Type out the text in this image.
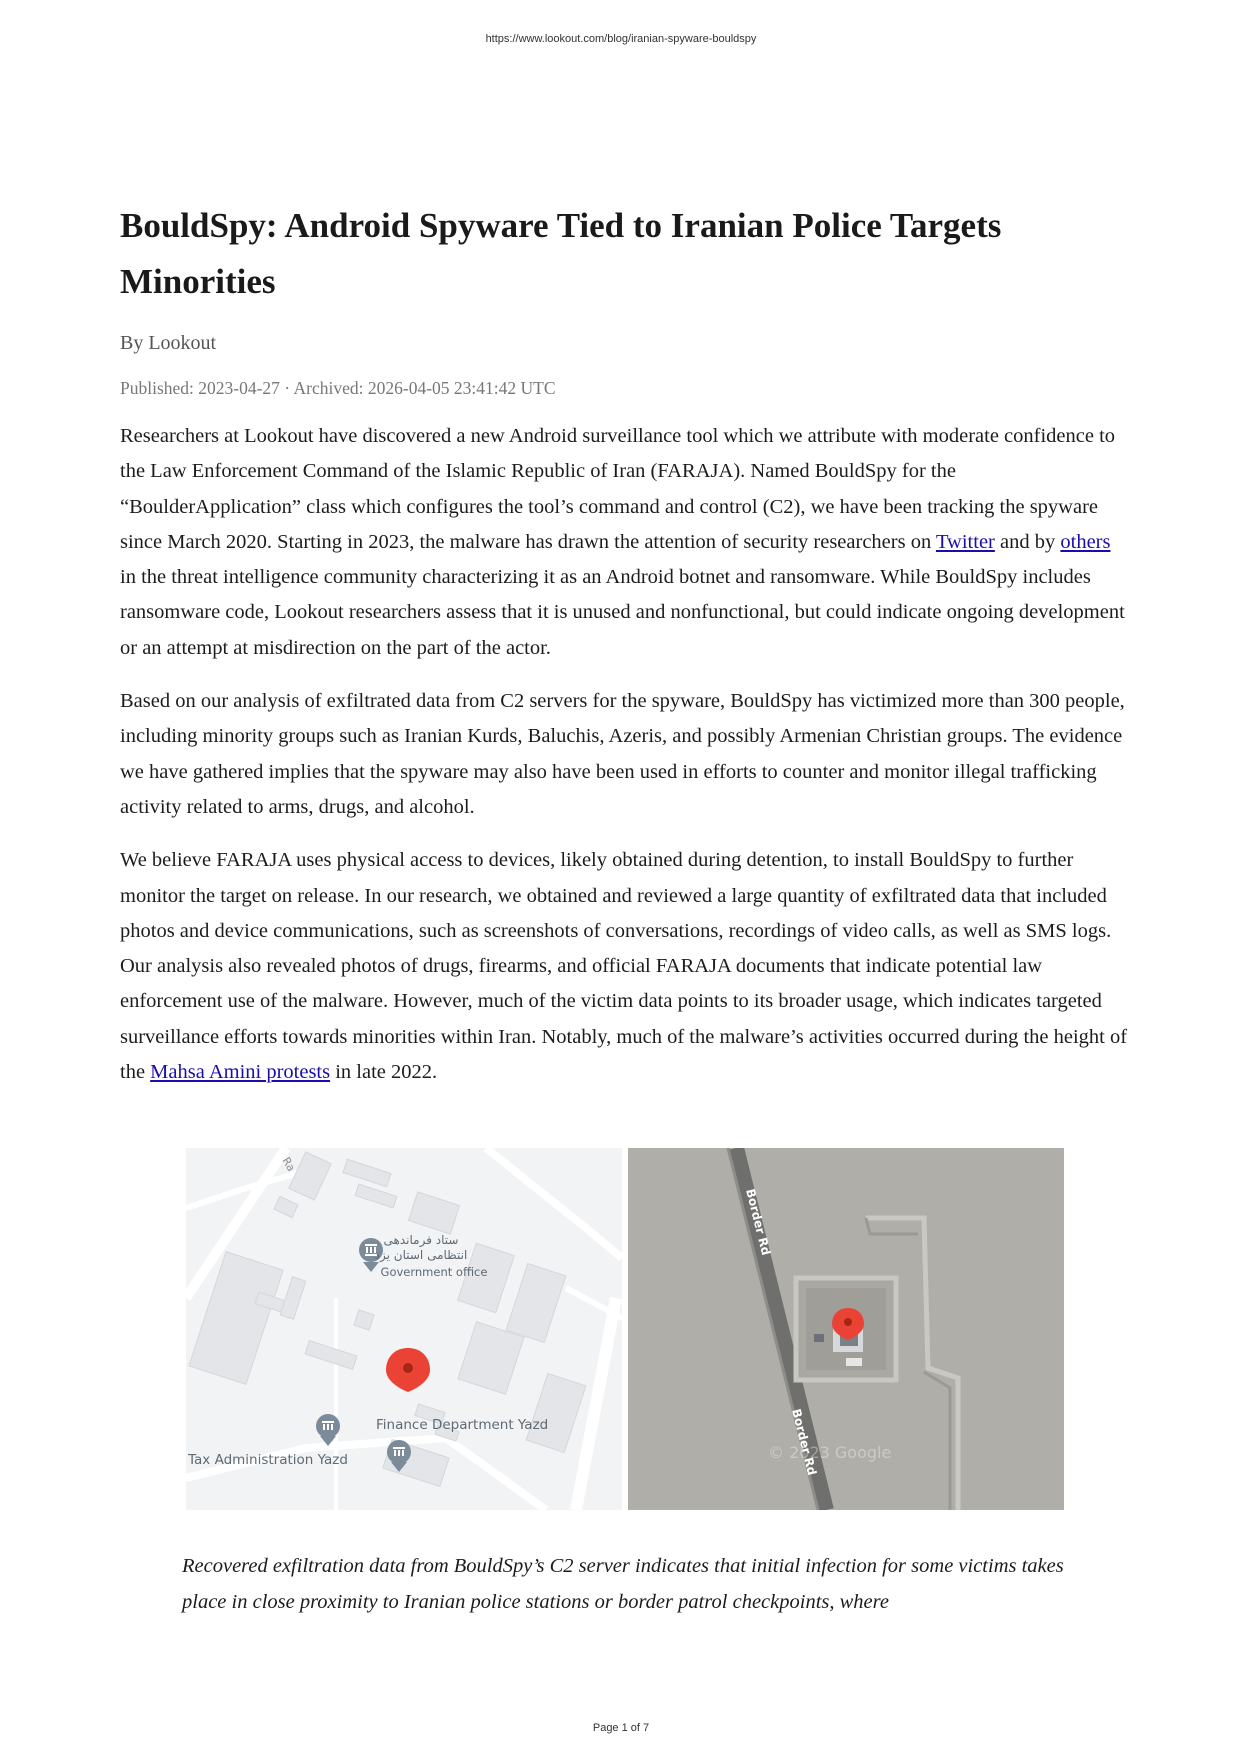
https://www.lookout.com/blog/iranian-spyware-bouldspy
BouldSpy: Android Spyware Tied to Iranian Police Targets Minorities
By Lookout
Published: 2023-04-27 · Archived: 2026-04-05 23:41:42 UTC

Researchers at Lookout have discovered a new Android surveillance tool which we attribute with moderate confidence to the Law Enforcement Command of the Islamic Republic of Iran (FARAJA). Named BouldSpy for the “BoulderApplication” class which configures the tool’s command and control (C2), we have been tracking the spyware since March 2020. Starting in 2023, the malware has drawn the attention of security researchers on Twitter and by others in the threat intelligence community characterizing it as an Android botnet and ransomware. While BouldSpy includes ransomware code, Lookout researchers assess that it is unused and nonfunctional, but could indicate ongoing development or an attempt at misdirection on the part of the actor.

Based on our analysis of exfiltrated data from C2 servers for the spyware, BouldSpy has victimized more than 300 people, including minority groups such as Iranian Kurds, Baluchis, Azeris, and possibly Armenian Christian groups. The evidence we have gathered implies that the spyware may also have been used in efforts to counter and monitor illegal trafficking activity related to arms, drugs, and alcohol.

We believe FARAJA uses physical access to devices, likely obtained during detention, to install BouldSpy to further monitor the target on release. In our research, we obtained and reviewed a large quantity of exfiltrated data that included photos and device communications, such as screenshots of conversations, recordings of video calls, as well as SMS logs. Our analysis also revealed photos of drugs, firearms, and official FARAJA documents that indicate potential law enforcement use of the malware. However, much of the victim data points to its broader usage, which indicates targeted surveillance efforts towards minorities within Iran. Notably, much of the malware’s activities occurred during the height of the Mahsa Amini protests in late 2022.

Ra
ستاد فرماندهی
انتظامی استان یزد
Government office
Finance Department Yazd
Tax Administration Yazd
Border Rd
Border Rd
© 2023 Google

Recovered exfiltration data from BouldSpy’s C2 server indicates that initial infection for some victims takes place in close proximity to Iranian police stations or border patrol checkpoints, where

Page 1 of 7
